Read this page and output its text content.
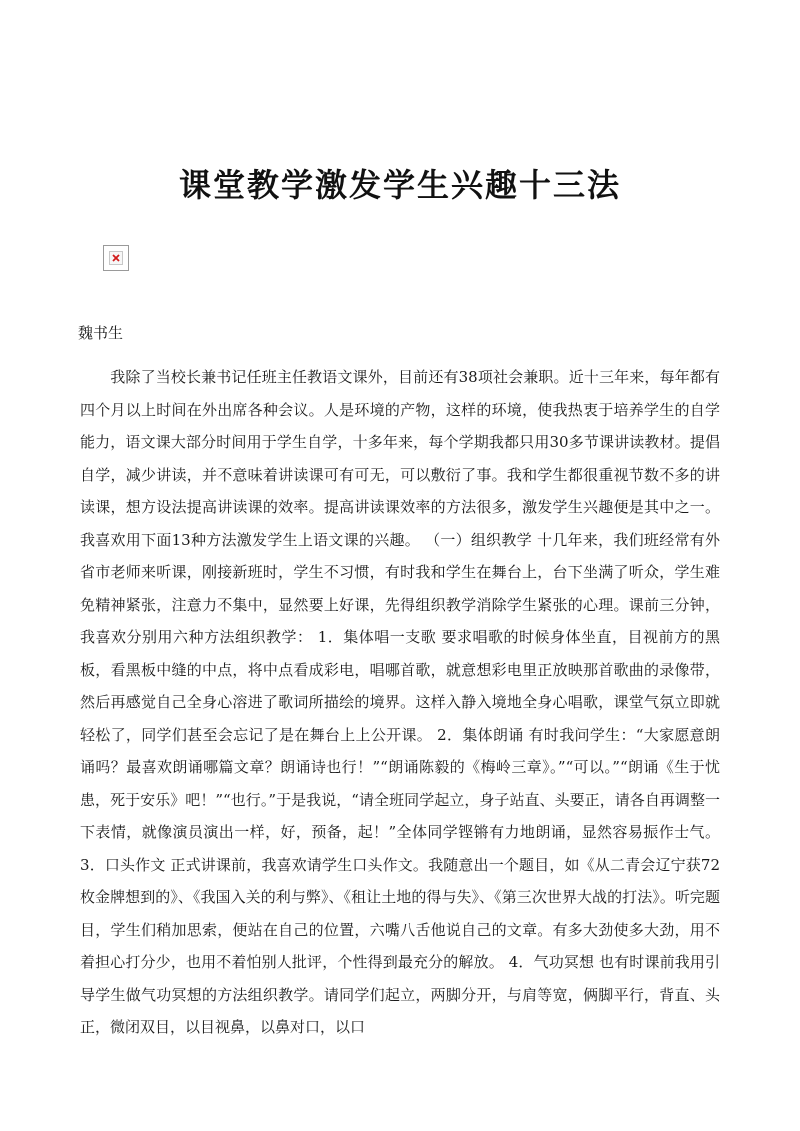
课堂教学激发学生兴趣十三法

魏书生

　　我除了当校长兼书记任班主任教语文课外，目前还有38项社会兼职。近十三年来，每年都有四个月以上时间在外出席各种会议。人是环境的产物，这样的环境，使我热衷于培养学生的自学能力，语文课大部分时间用于学生自学，十多年来，每个学期我都只用30多节课讲读教材。提倡自学，减少讲读，并不意味着讲读课可有可无，可以敷衍了事。我和学生都很重视节数不多的讲读课，想方设法提高讲读课的效率。提高讲读课效率的方法很多，激发学生兴趣便是其中之一。我喜欢用下面13种方法激发学生上语文课的兴趣。 （一）组织教学 十几年来，我们班经常有外省市老师来听课，刚接新班时，学生不习惯，有时我和学生在舞台上，台下坐满了听众，学生难免精神紧张，注意力不集中，显然要上好课，先得组织教学消除学生紧张的心理。课前三分钟，我喜欢分别用六种方法组织教学： 1．集体唱一支歌 要求唱歌的时候身体坐直，目视前方的黑板，看黑板中缝的中点，将中点看成彩电，唱哪首歌，就意想彩电里正放映那首歌曲的录像带，然后再感觉自己全身心溶进了歌词所描绘的境界。这样入静入境地全身心唱歌，课堂气氛立即就轻松了，同学们甚至会忘记了是在舞台上上公开课。 2．集体朗诵 有时我问学生：“大家愿意朗诵吗？最喜欢朗诵哪篇文章？朗诵诗也行！”“朗诵陈毅的《梅岭三章》。”“可以。”“朗诵《生于忧患，死于安乐》吧！”“也行。”于是我说，“请全班同学起立，身子站直、头要正，请各自再调整一下表情，就像演员演出一样，好，预备，起！”全体同学铿锵有力地朗诵，显然容易振作士气。 3．口头作文 正式讲课前，我喜欢请学生口头作文。我随意出一个题目，如《从二青会辽宁获72枚金牌想到的》、《我国入关的利与弊》、《租让土地的得与失》、《第三次世界大战的打法》。听完题目，学生们稍加思索，便站在自己的位置，六嘴八舌他说自己的文章。有多大劲使多大劲，用不着担心打分少，也用不着怕别人批评，个性得到最充分的解放。 4．气功冥想 也有时课前我用引导学生做气功冥想的方法组织教学。请同学们起立，两脚分开，与肩等宽，俩脚平行，背直、头正，微闭双目，以目视鼻，以鼻对口，以口
